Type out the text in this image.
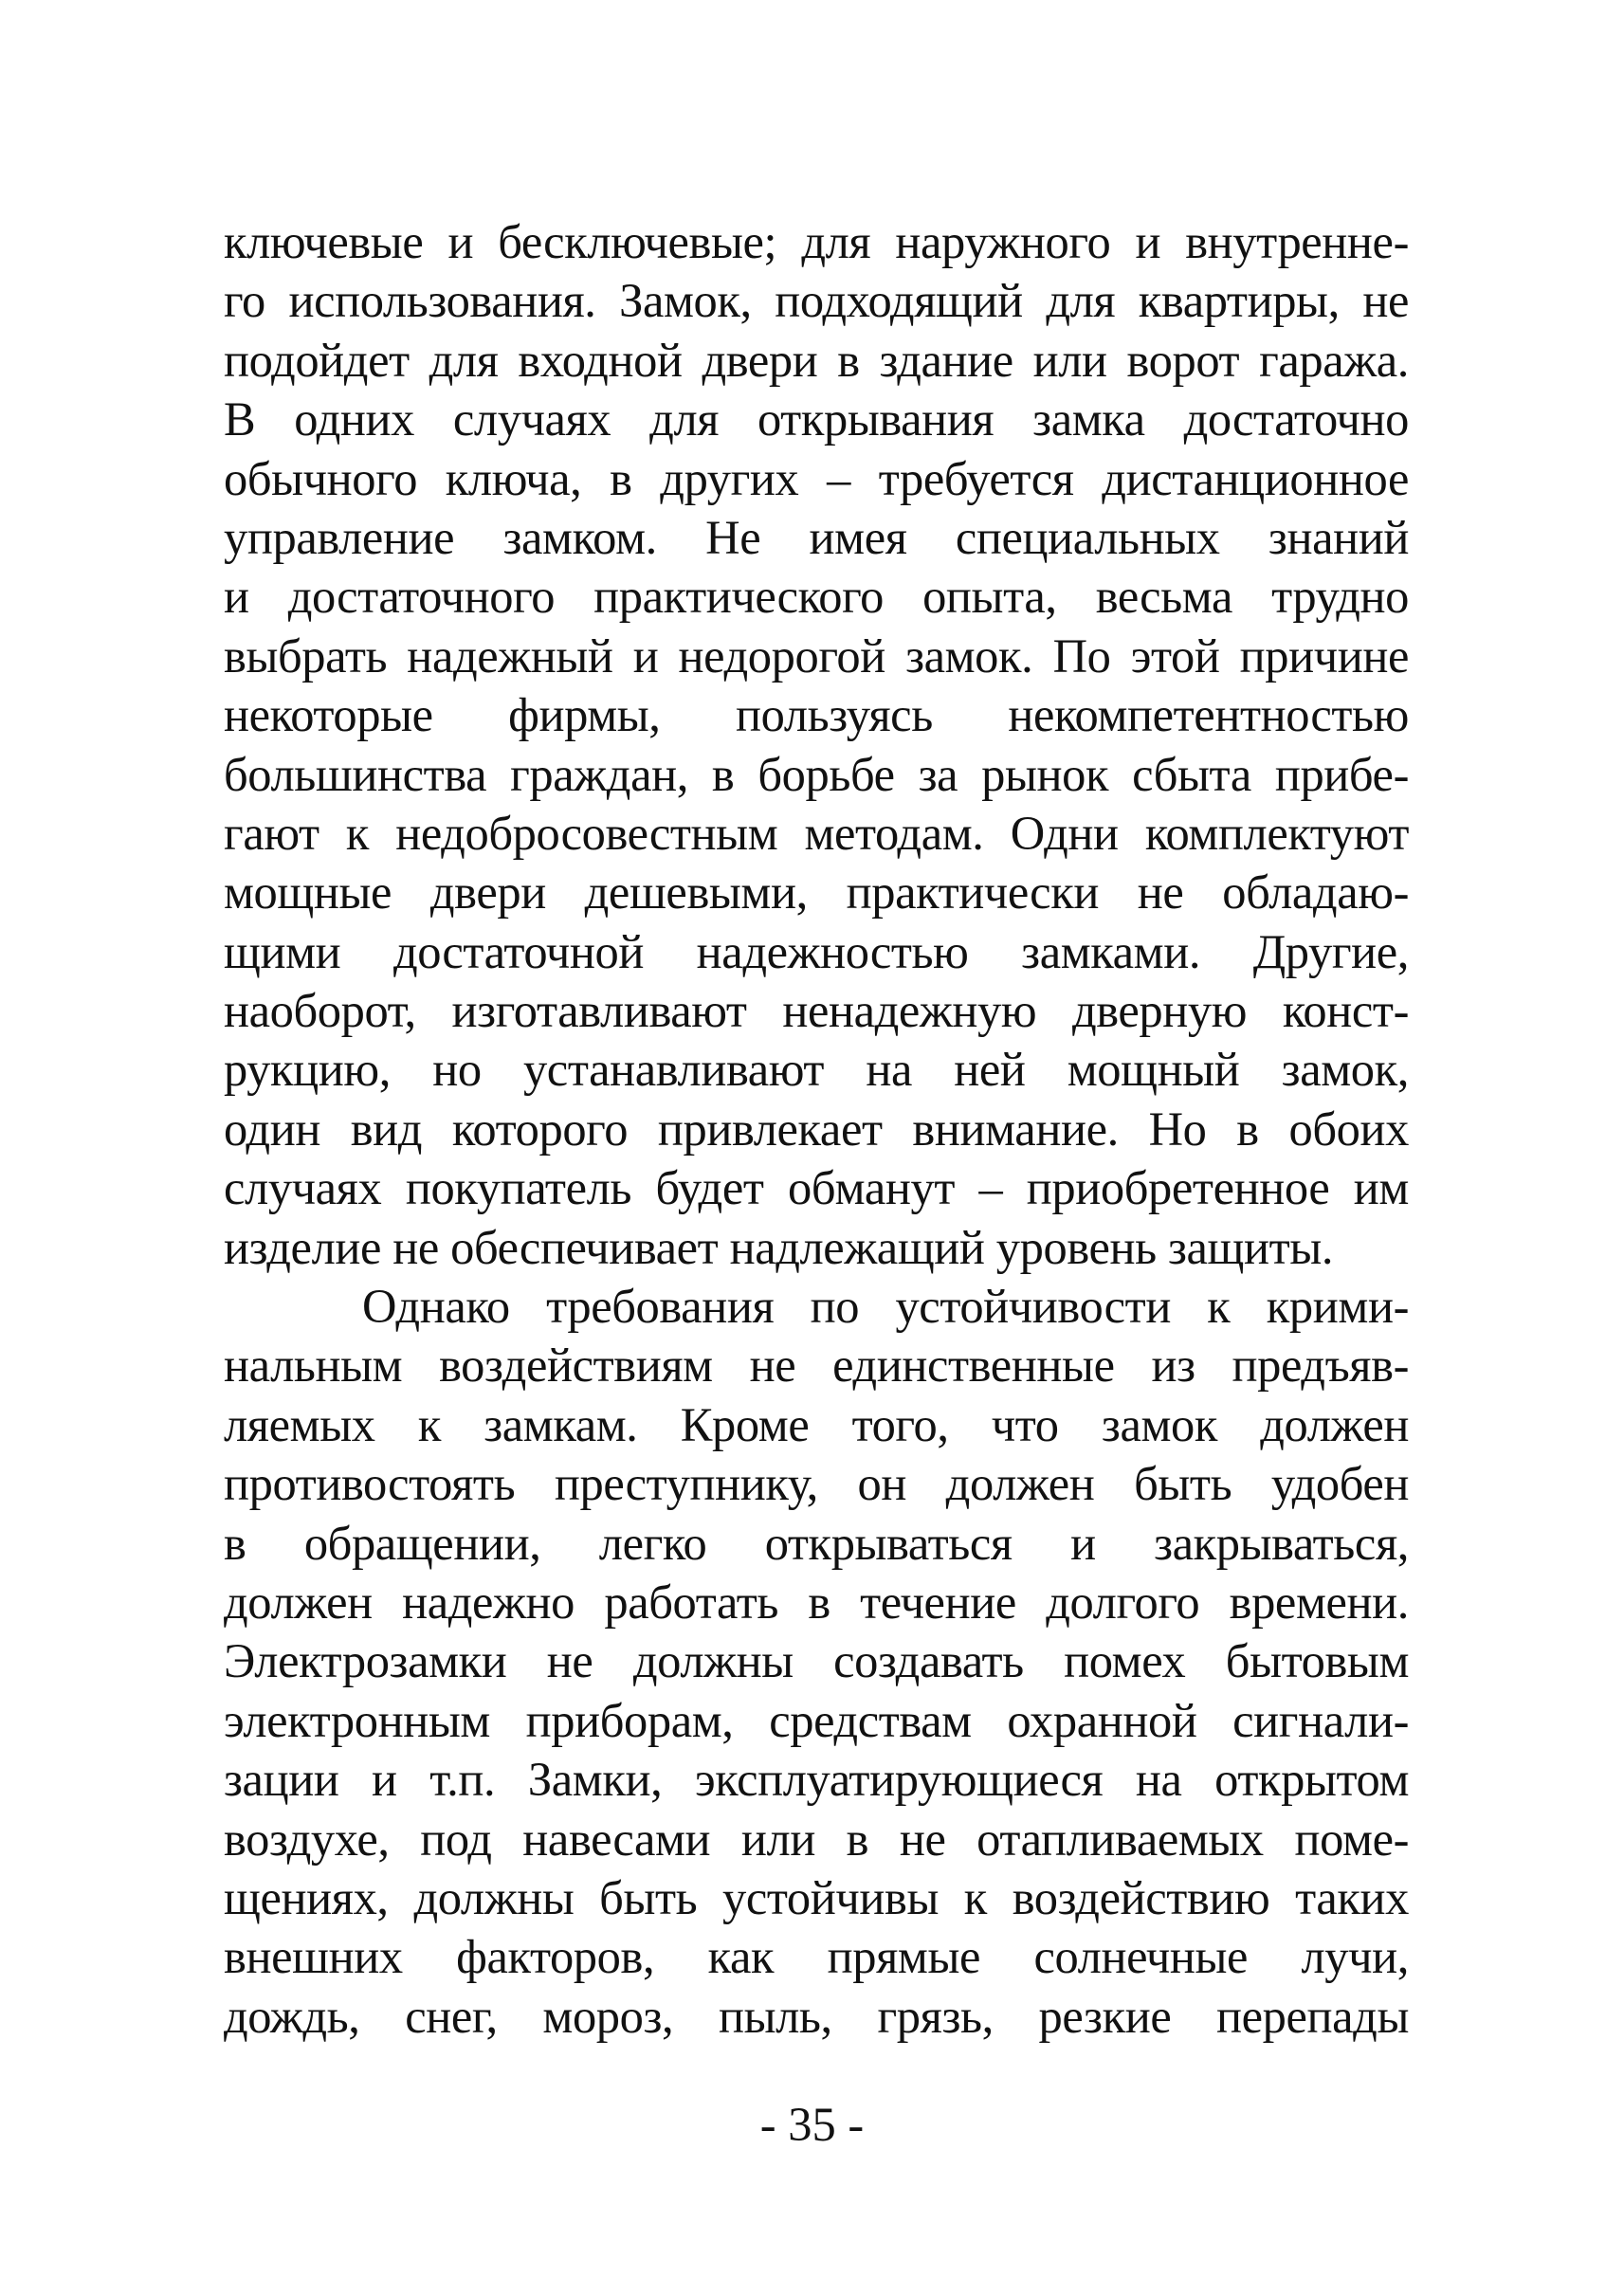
ключевые и бесключевые; для наружного и внутренне-
го использования. Замок, подходящий для квартиры, не
подойдет для входной двери в здание или ворот гаража.
В одних случаях для открывания замка достаточно
обычного ключа, в других – требуется дистанционное
управление замком. Не имея специальных знаний
и достаточного практического опыта, весьма трудно
выбрать надежный и недорогой замок. По этой причине
некоторые фирмы, пользуясь некомпетентностью
большинства граждан, в борьбе за рынок сбыта прибе-
гают к недобросовестным методам. Одни комплектуют
мощные двери дешевыми, практически не обладаю-
щими достаточной надежностью замками. Другие,
наоборот, изготавливают ненадежную дверную конст-
рукцию, но устанавливают на ней мощный замок,
один вид которого привлекает внимание. Но в обоих
случаях покупатель будет обманут – приобретенное им
изделие не обеспечивает надлежащий уровень защиты.
Однако требования по устойчивости к крими-
нальным воздействиям не единственные из предъяв-
ляемых к замкам. Кроме того, что замок должен
противостоять преступнику, он должен быть удобен
в обращении, легко открываться и закрываться,
должен надежно работать в течение долгого времени.
Электрозамки не должны создавать помех бытовым
электронным приборам, средствам охранной сигнали-
зации и т.п. Замки, эксплуатирующиеся на открытом
воздухе, под навесами или в не отапливаемых поме-
щениях, должны быть устойчивы к воздействию таких
внешних факторов, как прямые солнечные лучи,
дождь, снег, мороз, пыль, грязь, резкие перепады
- 35 -
